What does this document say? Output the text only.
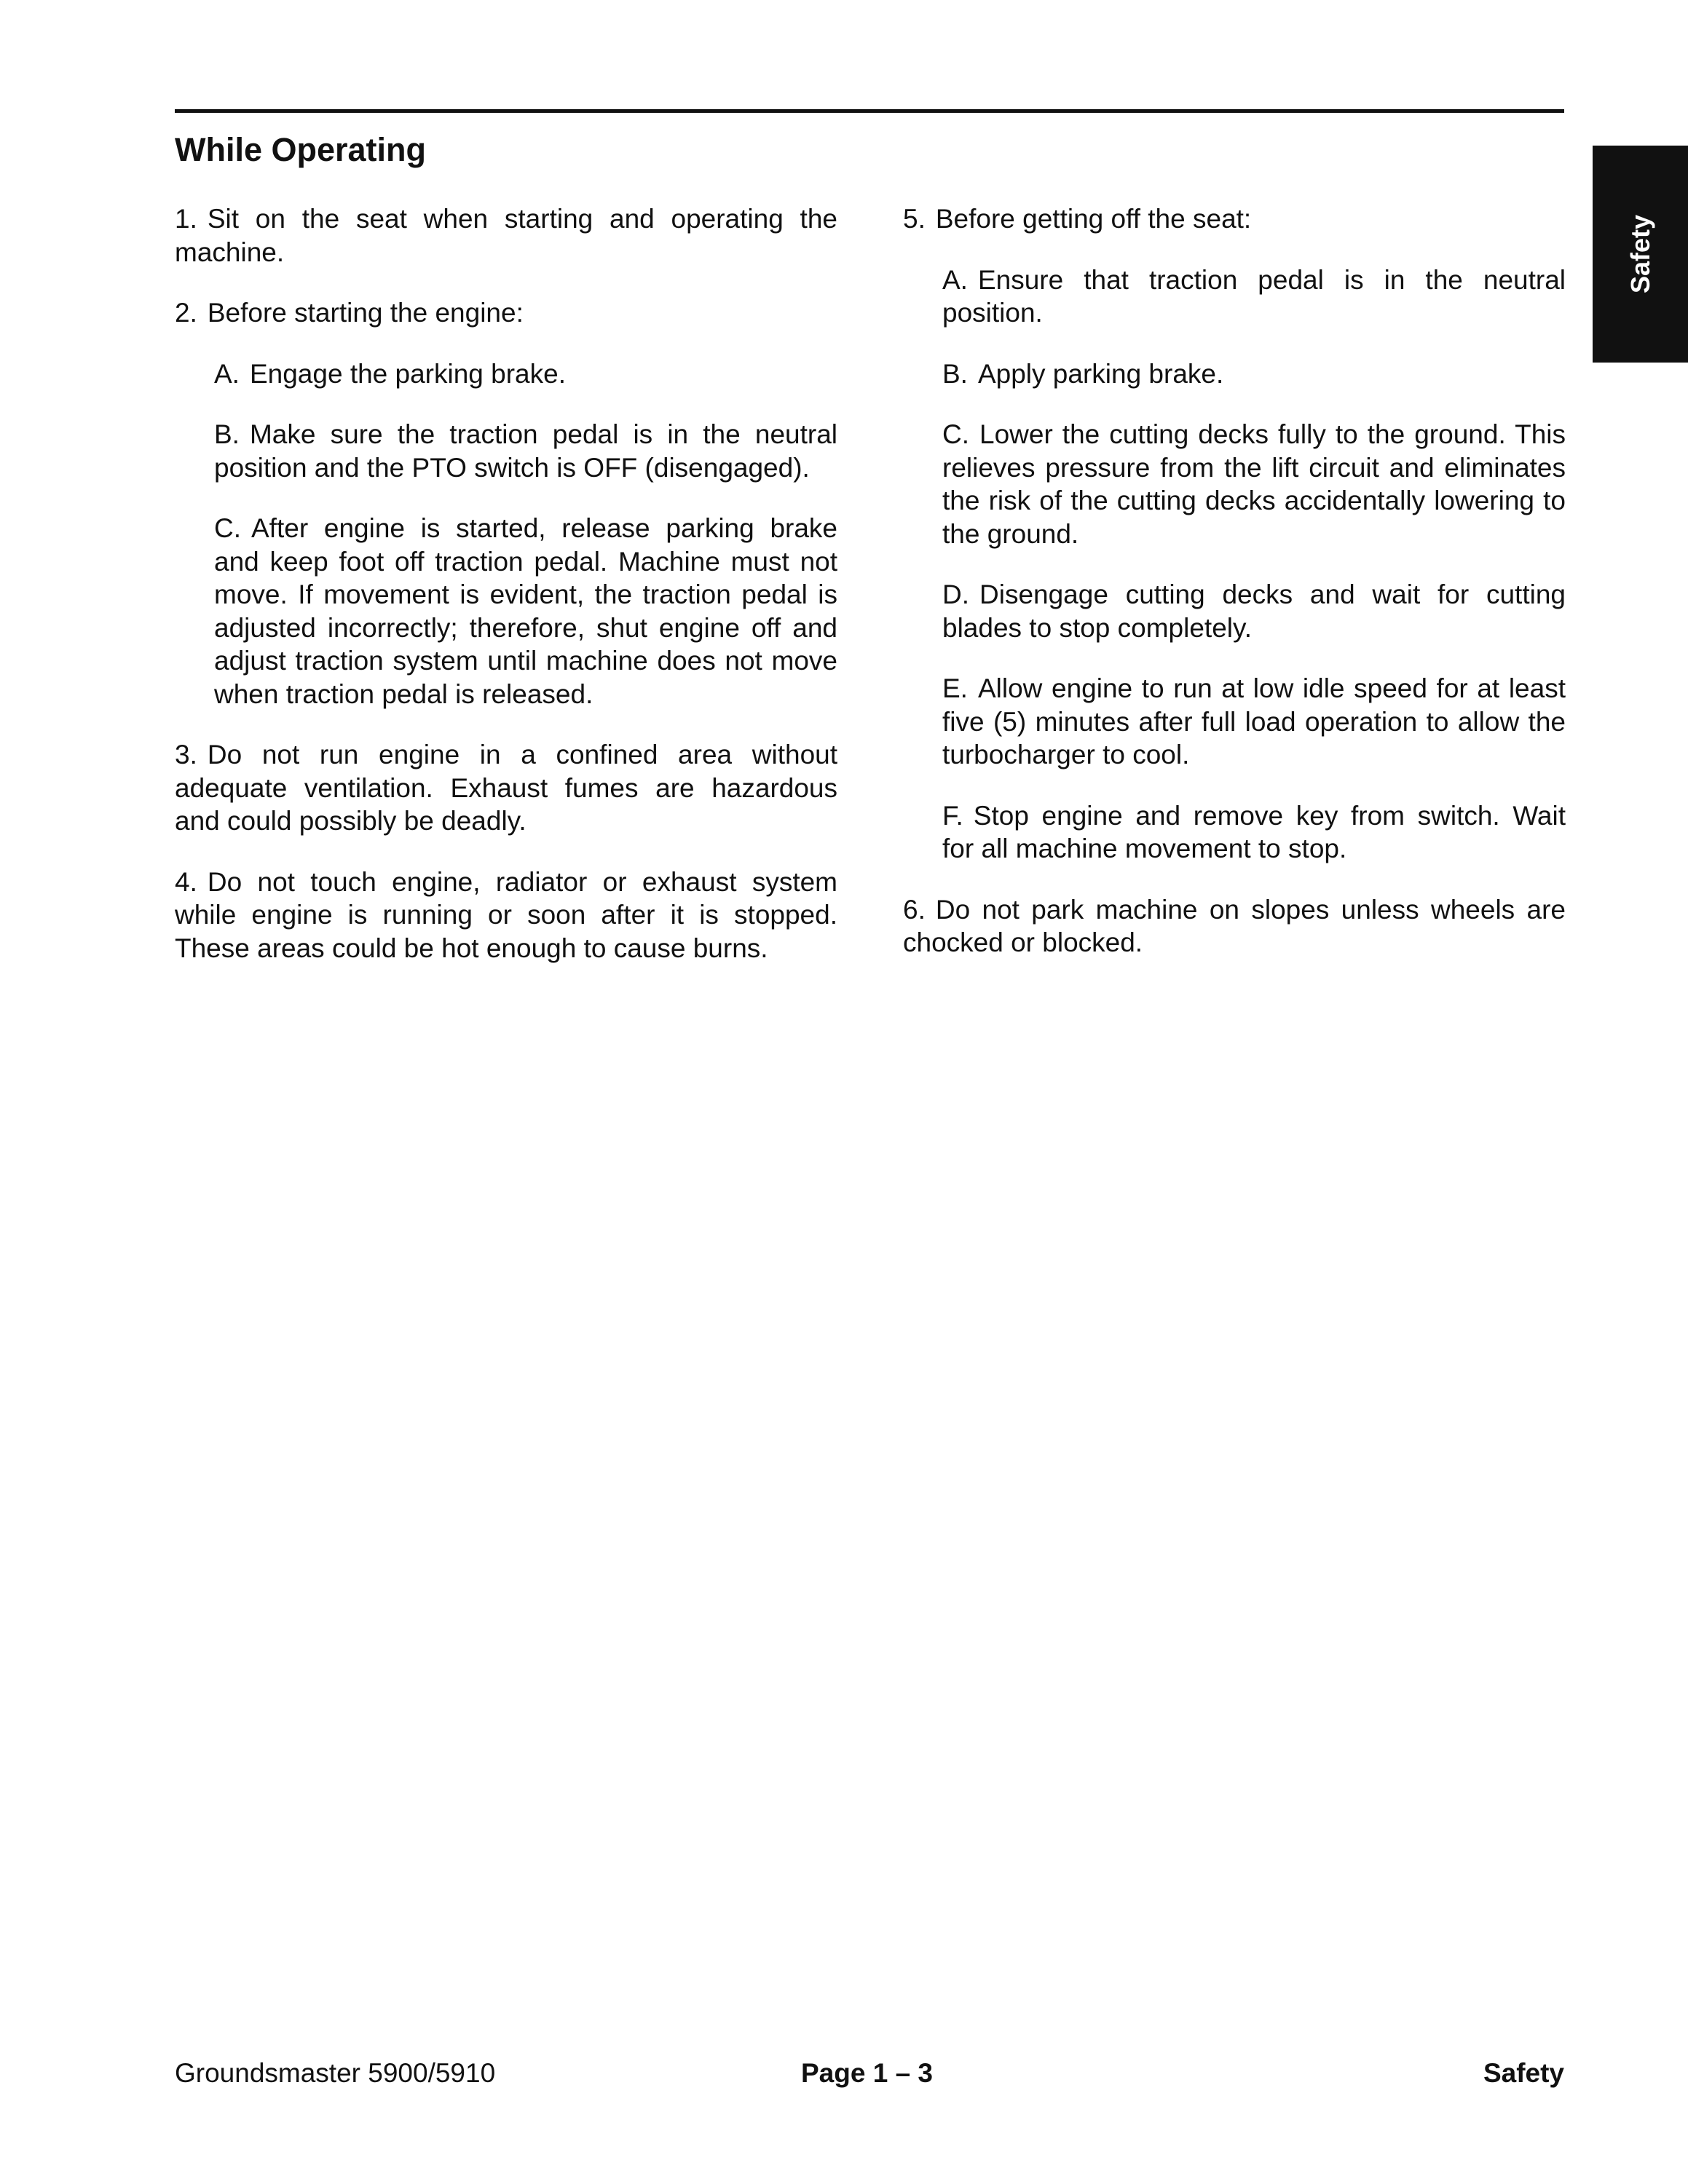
While Operating
Safety

1. Sit on the seat when starting and operating the machine.

2. Before starting the engine:

A. Engage the parking brake.

B. Make sure the traction pedal is in the neutral position and the PTO switch is OFF (disengaged).

C. After engine is started, release parking brake and keep foot off traction pedal. Machine must not move. If movement is evident, the traction pedal is adjusted incorrectly; therefore, shut engine off and adjust traction system until machine does not move when traction pedal is released.

3. Do not run engine in a confined area without adequate ventilation. Exhaust fumes are hazardous and could possibly be deadly.

4. Do not touch engine, radiator or exhaust system while engine is running or soon after it is stopped. These areas could be hot enough to cause burns.

5. Before getting off the seat:

A. Ensure that traction pedal is in the neutral position.

B. Apply parking brake.

C. Lower the cutting decks fully to the ground. This relieves pressure from the lift circuit and eliminates the risk of the cutting decks accidentally lowering to the ground.

D. Disengage cutting decks and wait for cutting blades to stop completely.

E. Allow engine to run at low idle speed for at least five (5) minutes after full load operation to allow the turbocharger to cool.

F. Stop engine and remove key from switch. Wait for all machine movement to stop.

6. Do not park machine on slopes unless wheels are chocked or blocked.

Groundsmaster 5900/5910	Page 1 – 3	Safety
